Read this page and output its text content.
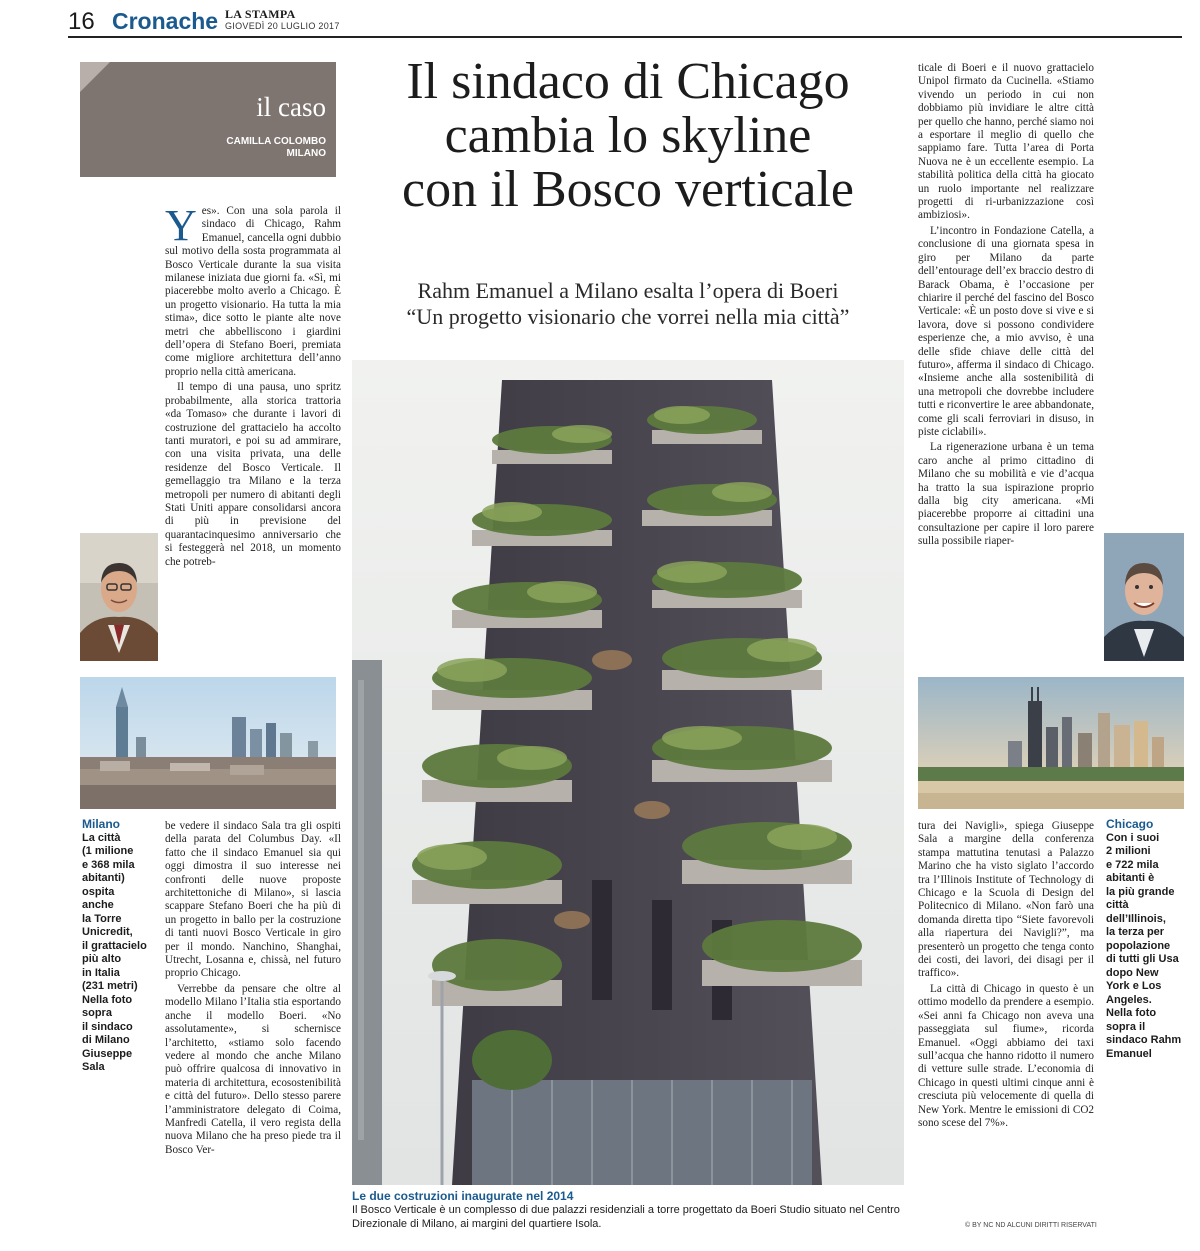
16 Cronache LA STAMPA
GIOVEDÌ 20 LUGLIO 2017
il caso
CAMILLA COLOMBO
MILANO
Il sindaco di Chicago
cambia lo skyline
con il Bosco verticale
Rahm Emanuel a Milano esalta l’opera di Boeri
“Un progetto visionario che vorrei nella mia città”

Yes». Con una sola parola il sindaco di Chicago, Rahm Emanuel, cancella ogni dubbio sul motivo della sosta programmata al Bosco Verticale durante la sua visita milanese iniziata due giorni fa. «Sì, mi piacerebbe molto averlo a Chicago. È un progetto visionario. Ha tutta la mia stima», dice sotto le piante alte nove metri che abbelliscono i giardini dell’opera di Stefano Boeri, premiata come migliore architettura dell’anno proprio nella città americana.

Il tempo di una pausa, uno spritz probabilmente, alla storica trattoria «da Tomaso» che durante i lavori di costruzione del grattacielo ha accolto tanti muratori, e poi su ad ammirare, con una visita privata, una delle residenze del Bosco Verticale. Il gemellaggio tra Milano e la terza metropoli per numero di abitanti degli Stati Uniti appare consolidarsi ancora di più in previsione del quarantacinquesimo anniversario che si festeggerà nel 2018, un momento che potreb-

Milano
La città
(1 milione
e 368 mila
abitanti)
ospita
anche
la Torre
Unicredit,
il grattacielo
più alto
in Italia
(231 metri)
Nella foto
sopra
il sindaco
di Milano
Giuseppe
Sala

be vedere il sindaco Sala tra gli ospiti della parata del Columbus Day. «Il fatto che il sindaco Emanuel sia qui oggi dimostra il suo interesse nei confronti delle nuove proposte architettoniche di Milano», si lascia scappare Stefano Boeri che ha più di un progetto in ballo per la costruzione di tanti nuovi Bosco Verticale in giro per il mondo. Nanchino, Shanghai, Utrecht, Losanna e, chissà, nel futuro proprio Chicago.

Verrebbe da pensare che oltre al modello Milano l’Italia stia esportando anche il modello Boeri. «No assolutamente», si schernisce l’architetto, «stiamo solo facendo vedere al mondo che anche Milano può offrire qualcosa di innovativo in materia di architettura, ecosostenibilità e città del futuro». Dello stesso parere l’amministratore delegato di Coima, Manfredi Catella, il vero regista della nuova Milano che ha preso piede tra il Bosco Ver-

Le due costruzioni inaugurate nel 2014
Il Bosco Verticale è un complesso di due palazzi residenziali a torre progettato da Boeri Studio situato nel Centro Direzionale di Milano, ai margini del quartiere Isola.

ticale di Boeri e il nuovo grattacielo Unipol firmato da Cucinella. «Stiamo vivendo un periodo in cui non dobbiamo più invidiare le altre città per quello che hanno, perché siamo noi a esportare il meglio di quello che sappiamo fare. Tutta l’area di Porta Nuova ne è un eccellente esempio. La stabilità politica della città ha giocato un ruolo importante nel realizzare progetti di ri-urbanizzazione così ambiziosi».

L’incontro in Fondazione Catella, a conclusione di una giornata spesa in giro per Milano da parte dell’entourage dell’ex braccio destro di Barack Obama, è l’occasione per chiarire il perché del fascino del Bosco Verticale: «È un posto dove si vive e si lavora, dove si possono condividere esperienze che, a mio avviso, è una delle sfide chiave delle città del futuro», afferma il sindaco di Chicago. «Insieme anche alla sostenibilità di una metropoli che dovrebbe includere tutti e riconvertire le aree abbandonate, come gli scali ferroviari in disuso, in piste ciclabili».

La rigenerazione urbana è un tema caro anche al primo cittadino di Milano che su mobilità e vie d’acqua ha tratto la sua ispirazione proprio dalla big city americana. «Mi piacerebbe proporre ai cittadini una consultazione per capire il loro parere sulla possibile riaper-

tura dei Navigli», spiega Giuseppe Sala a margine della conferenza stampa mattutina tenutasi a Palazzo Marino che ha visto siglato l’accordo tra l’Illinois Institute of Technology di Chicago e la Scuola di Design del Politecnico di Milano. «Non farò una domanda diretta tipo “Siete favorevoli alla riapertura dei Navigli?”, ma presenterò un progetto che tenga conto dei costi, dei lavori, dei disagi per il traffico».

La città di Chicago in questo è un ottimo modello da prendere a esempio. «Sei anni fa Chicago non aveva una passeggiata sul fiume», ricorda Emanuel. «Oggi abbiamo dei taxi sull’acqua che hanno ridotto il numero di vetture sulle strade. L’economia di Chicago in questi ultimi cinque anni è cresciuta più velocemente di quella di New York. Mentre le emissioni di CO2 sono scese del 7%».

Chicago
Con i suoi
2 milioni
e 722 mila
abitanti è
la più grande
città
dell’Illinois,
la terza per
popolazione
di tutti gli Usa
dopo New
York e Los
Angeles.
Nella foto
sopra il
sindaco Rahm
Emanuel
© BY NC ND ALCUNI DIRITTI RISERVATI
